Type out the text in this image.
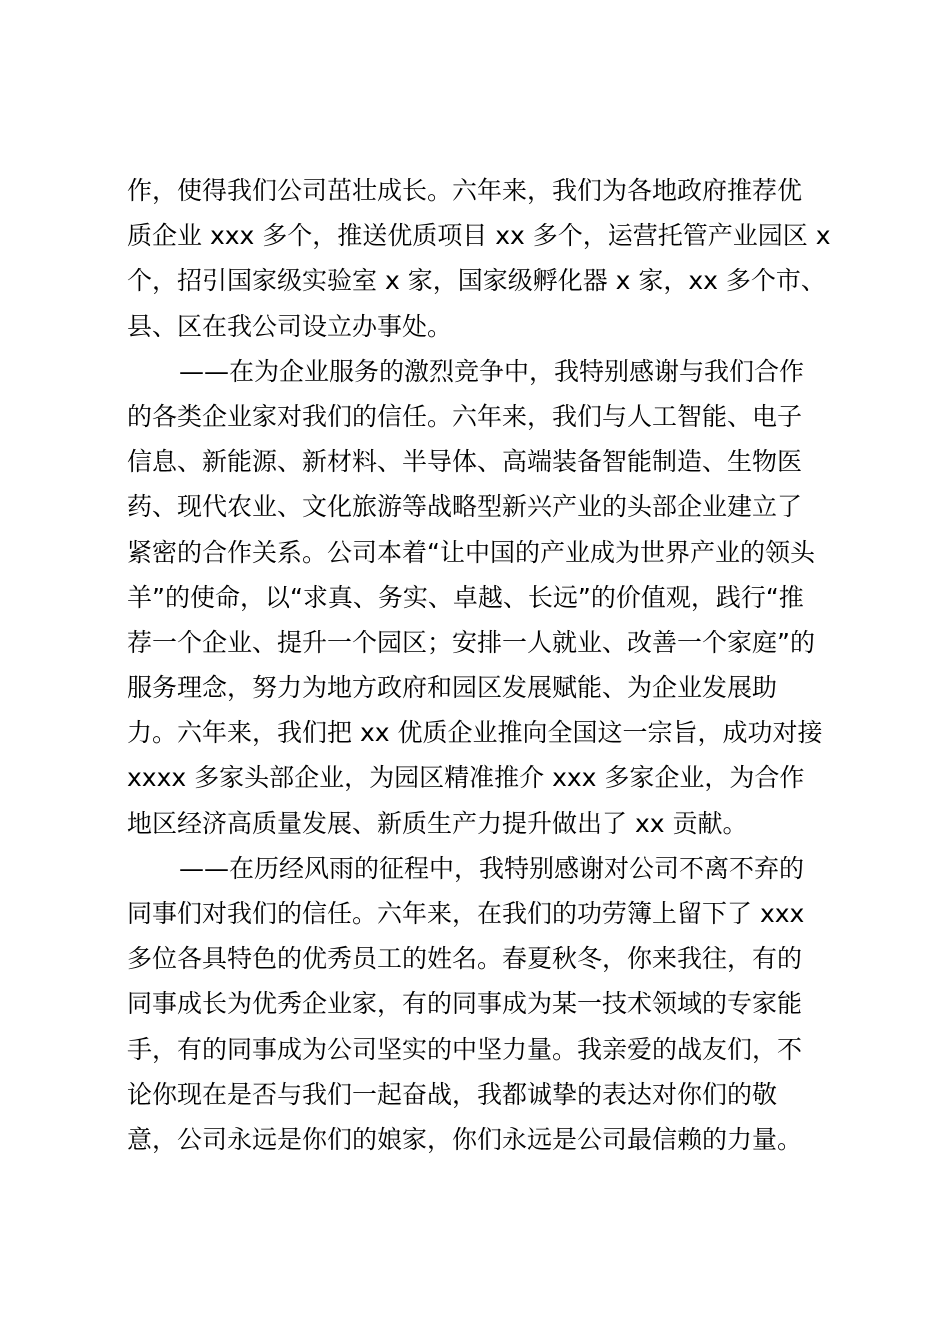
作，使得我们公司茁壮成长。六年来，我们为各地政府推荐优
质企业 xxx 多个，推送优质项目 xx 多个，运营托管产业园区 x
个，招引国家级实验室 x 家，国家级孵化器 x 家，xx 多个市、
县、区在我公司设立办事处。
——在为企业服务的激烈竞争中，我特别感谢与我们合作
的各类企业家对我们的信任。六年来，我们与人工智能、电子
信息、新能源、新材料、半导体、高端装备智能制造、生物医
药、现代农业、文化旅游等战略型新兴产业的头部企业建立了
紧密的合作关系。公司本着“让中国的产业成为世界产业的领头
羊”的使命，以“求真、务实、卓越、长远”的价值观，践行“推
荐一个企业、提升一个园区；安排一人就业、改善一个家庭”的
服务理念，努力为地方政府和园区发展赋能、为企业发展助
力。六年来，我们把 xx 优质企业推向全国这一宗旨，成功对接
xxxx 多家头部企业，为园区精准推介 xxx 多家企业，为合作
地区经济高质量发展、新质生产力提升做出了 xx 贡献。
——在历经风雨的征程中，我特别感谢对公司不离不弃的
同事们对我们的信任。六年来，在我们的功劳簿上留下了 xxx
多位各具特色的优秀员工的姓名。春夏秋冬，你来我往，有的
同事成长为优秀企业家，有的同事成为某一技术领域的专家能
手，有的同事成为公司坚实的中坚力量。我亲爱的战友们，不
论你现在是否与我们一起奋战，我都诚挚的表达对你们的敬
意，公司永远是你们的娘家，你们永远是公司最信赖的力量。
